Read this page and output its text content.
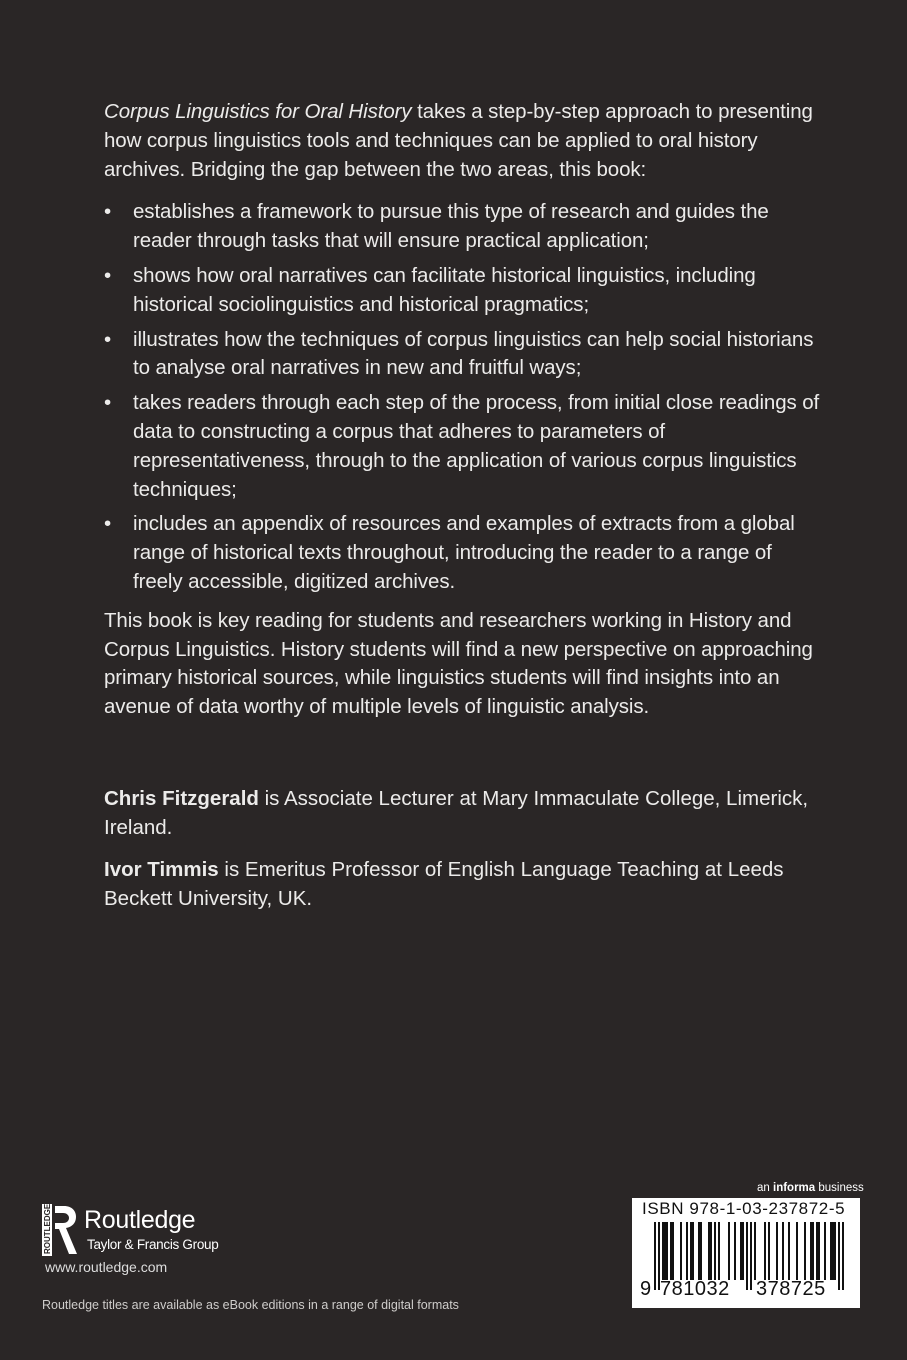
Corpus Linguistics for Oral History takes a step-by-step approach to presenting how corpus linguistics tools and techniques can be applied to oral history archives. Bridging the gap between the two areas, this book:

• establishes a framework to pursue this type of research and guides the reader through tasks that will ensure practical application;
• shows how oral narratives can facilitate historical linguistics, including historical sociolinguistics and historical pragmatics;
• illustrates how the techniques of corpus linguistics can help social historians to analyse oral narratives in new and fruitful ways;
• takes readers through each step of the process, from initial close readings of data to constructing a corpus that adheres to parameters of representativeness, through to the application of various corpus linguistics techniques;
• includes an appendix of resources and examples of extracts from a global range of historical texts throughout, introducing the reader to a range of freely accessible, digitized archives.

This book is key reading for students and researchers working in History and Corpus Linguistics. History students will find a new perspective on approaching primary historical sources, while linguistics students will find insights into an avenue of data worthy of multiple levels of linguistic analysis.

Chris Fitzgerald is Associate Lecturer at Mary Immaculate College, Limerick, Ireland.

Ivor Timmis is Emeritus Professor of English Language Teaching at Leeds Beckett University, UK.

ROUTLEDGE Routledge
Taylor & Francis Group
www.routledge.com
Routledge titles are available as eBook editions in a range of digital formats
an informa business
ISBN 978-1-03-237872-5
9 781032 378725
